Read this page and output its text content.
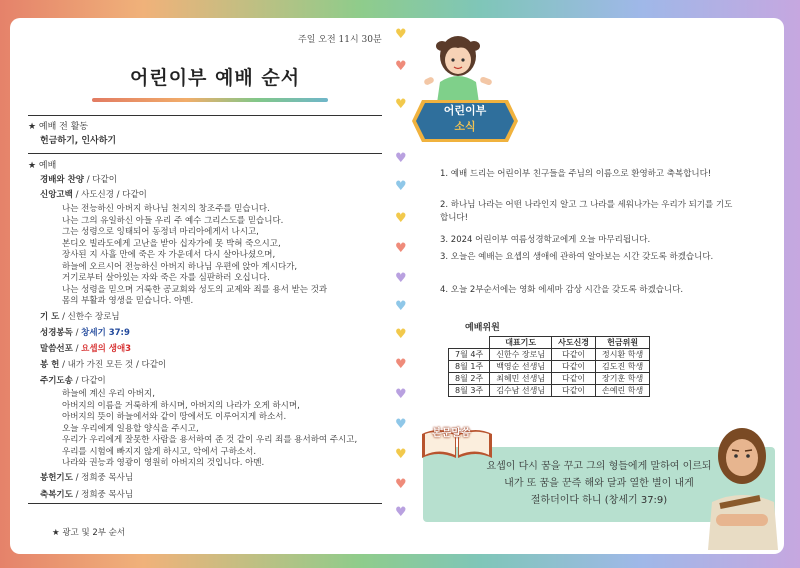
주일 오전 11시 30분
어린이부 예배 순서
★ 예배 전 활동
헌금하기, 인사하기
★ 예배
경배와 찬양 / 다같이
신앙고백 / 사도신경 / 다같이
나는 전능하신 아버지 하나님 천지의 창조주를 믿습니다.
나는 그의 유일하신 아들 우리 주 예수 그리스도를 믿습니다.
그는 성령으로 잉태되어 동정녀 마리아에게서 나시고,
본디오 빌라도에게 고난을 받아 십자가에 못 박혀 죽으시고,
장사된 지 사흘 만에 죽은 자 가운데서 다시 살아나셨으며,
하늘에 오르시어 전능하신 아버지 하나님 우편에 앉아 계시다가,
거기로부터 살아있는 자와 죽은 자를 심판하러 오십니다.
나는 성령을 믿으며 거룩한 공교회와 성도의 교제와 죄를 용서 받는 것과
몸의 부활과 영생을 믿습니다. 아멘.
기 도 / 신한수 장로님
성경봉독 / 창세기 37:9
말씀선포 / 요셉의 생애3
봉 헌 / 내가 가진 모든 것 / 다같이
주기도송 / 다같이
하늘에 계신 우리 아버지,
아버지의 이름을 거룩하게 하시며, 아버지의 나라가 오게 하시며,
아버지의 뜻이 하늘에서와 같이 땅에서도 이루어지게 하소서.
오늘 우리에게 일용할 양식을 주시고,
우리가 우리에게 잘못한 사람을 용서하여 준 것 같이 우리 죄를 용서하여 주시고,
우리를 시험에 빠지지 않게 하시고, 악에서 구하소서.
나라와 권능과 영광이 영원히 아버지의 것입니다. 아멘.
봉헌기도 / 정희중 목사님
축복기도 / 정희중 목사님
★ 광고 및 2부 순서
♥
♥
♥
♥
♥
♥
♥
♥
♥
♥
♥
♥
♥
♥
♥
♥
어린이부
소식
1. 예배 드리는 어린이부 친구들을 주님의 이름으로 환영하고 축복합니다!
2. 하나님 나라는 어떤 나라인지 알고 그 나라를 세워나가는 우리가 되기를 기도합니다!
3. 2024 어린이부 여름성경학교에게 오늘 마무리됩니다.
3. 오늘은 예배는 요셉의 생애에 관하여 알아보는 시간 갖도록 하겠습니다.
4. 오늘 2부순서에는 영화 에세마 감상 시간을 갖도록 하겠습니다.
예배위원
	대표기도	사도신경	헌금위원
7월 4주	신한수 장로님	다같이	정시환 학생
8월 1주	백영순 선생님	다같이	김도진 학생
8월 2주	최혜민 선생님	다같이	장기훈 학생
8월 3주	김수남 선생님	다같이	손예린 학생
본문말씀
요셉이 다시 꿈을 꾸고 그의 형들에게 말하여 이르되
내가 또 꿈을 꾼즉 해와 달과 열한 별이 내게
절하더이다 하니 (창세기 37:9)
